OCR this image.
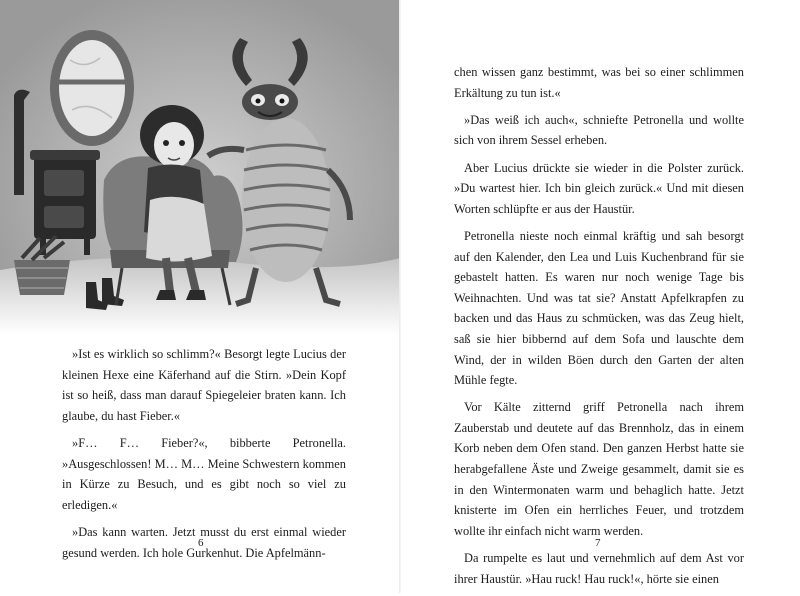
»Ist es wirklich so schlimm?« Besorgt legte Lucius der kleinen Hexe eine Käferhand auf die Stirn. »Dein Kopf ist so heiß, dass man darauf Spiegeleier braten kann. Ich glaube, du hast Fieber.«

»F… F… Fieber?«, bibberte Petronella. »Ausgeschlossen! M… M… Meine Schwestern kommen in Kürze zu Besuch, und es gibt noch so viel zu erledigen.«

»Das kann warten. Jetzt musst du erst einmal wieder gesund werden. Ich hole Gurkenhut. Die Apfelmänn-

6

chen wissen ganz bestimmt, was bei so einer schlimmen Erkältung zu tun ist.«

»Das weiß ich auch«, schniefte Petronella und wollte sich von ihrem Sessel erheben.

Aber Lucius drückte sie wieder in die Polster zurück. »Du wartest hier. Ich bin gleich zurück.« Und mit diesen Worten schlüpfte er aus der Haustür.

Petronella nieste noch einmal kräftig und sah besorgt auf den Kalender, den Lea und Luis Kuchenbrand für sie gebastelt hatten. Es waren nur noch wenige Tage bis Weihnachten. Und was tat sie? Anstatt Apfelkrapfen zu backen und das Haus zu schmücken, was das Zeug hielt, saß sie hier bibbernd auf dem Sofa und lauschte dem Wind, der in wilden Böen durch den Garten der alten Mühle fegte.

Vor Kälte zitternd griff Petronella nach ihrem Zauberstab und deutete auf das Brennholz, das in einem Korb neben dem Ofen stand. Den ganzen Herbst hatte sie herabgefallene Äste und Zweige gesammelt, damit sie es in den Wintermonaten warm und behaglich hatte. Jetzt knisterte im Ofen ein herrliches Feuer, und trotzdem wollte ihr einfach nicht warm werden.

Da rumpelte es laut und vernehmlich auf dem Ast vor ihrer Haustür. »Hau ruck! Hau ruck!«, hörte sie einen

7
